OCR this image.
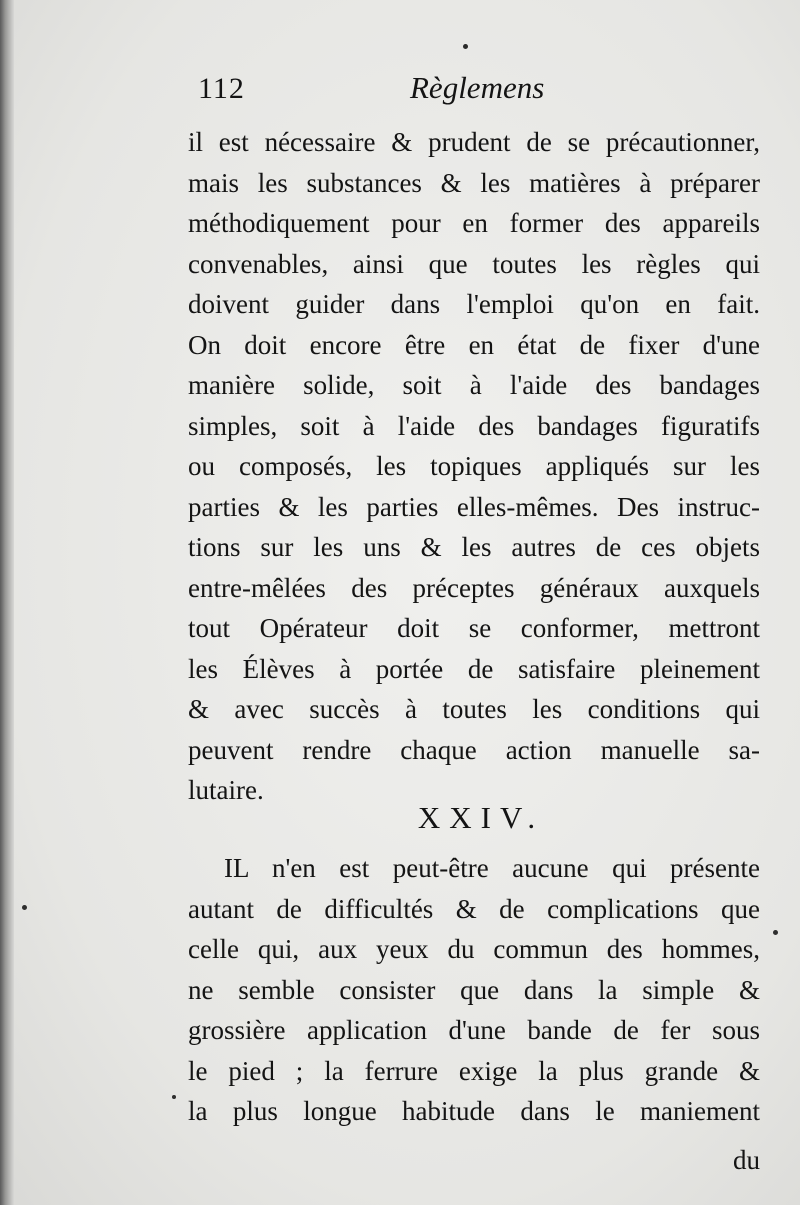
112	Règlemens
il est nécessaire & prudent de se précautionner,
mais les substances & les matières à préparer
méthodiquement pour en former des appareils
convenables, ainsi que toutes les règles qui
doivent guider dans l'emploi qu'on en fait.
On doit encore être en état de fixer d'une
manière solide, soit à l'aide des bandages
simples, soit à l'aide des bandages figuratifs
ou composés, les topiques appliqués sur les
parties & les parties elles-mêmes. Des instruc-
tions sur les uns & les autres de ces objets
entre-mêlées des préceptes généraux auxquels
tout Opérateur doit se conformer, mettront
les Élèves à portée de satisfaire pleinement
& avec succès à toutes les conditions qui
peuvent rendre chaque action manuelle sa-
lutaire.
XXIV.
IL n'en est peut-être aucune qui présente
autant de difficultés & de complications que
celle qui, aux yeux du commun des hommes,
ne semble consister que dans la simple &
grossière application d'une bande de fer sous
le pied ; la ferrure exige la plus grande &
la plus longue habitude dans le maniement
du
